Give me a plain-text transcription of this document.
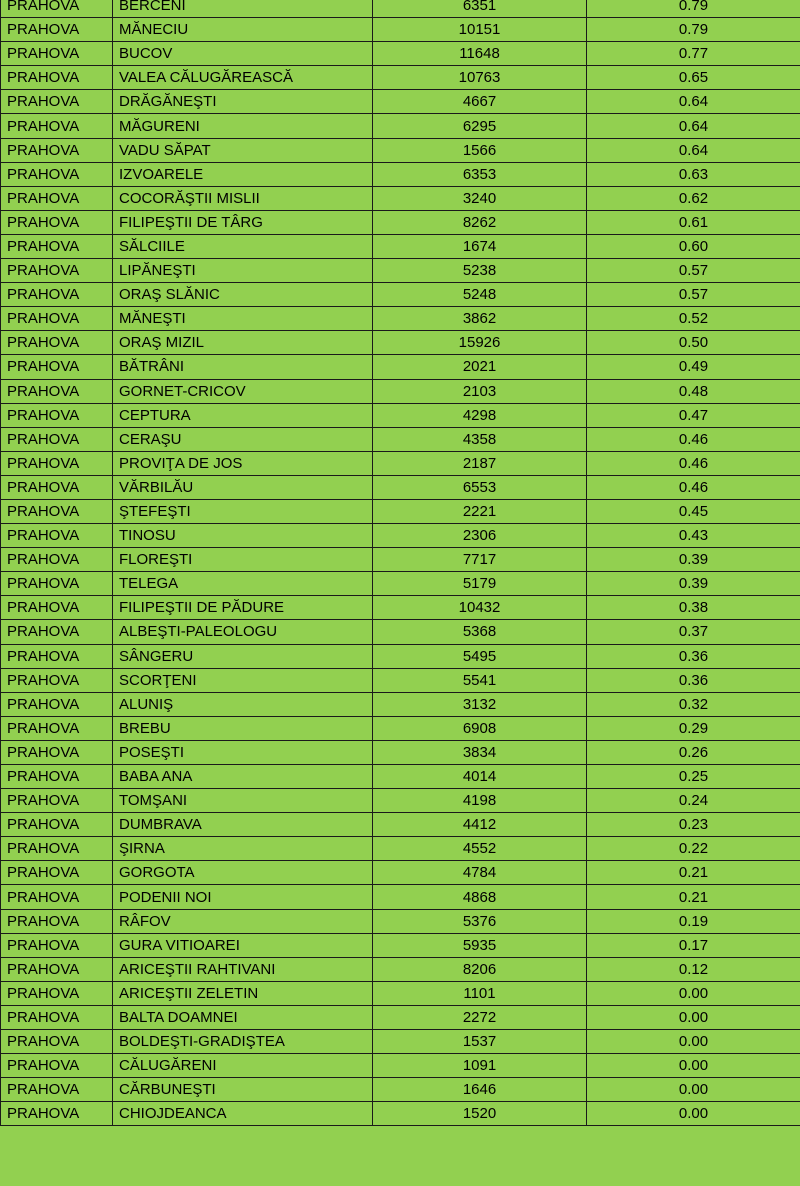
PRAHOVA	BERCENI	6351	0.79
PRAHOVA	MĂNECIU	10151	0.79
PRAHOVA	BUCOV	11648	0.77
PRAHOVA	VALEA CĂLUGĂREASCĂ	10763	0.65
PRAHOVA	DRĂGĂNEŞTI	4667	0.64
PRAHOVA	MĂGURENI	6295	0.64
PRAHOVA	VADU SĂPAT	1566	0.64
PRAHOVA	IZVOARELE	6353	0.63
PRAHOVA	COCORĂŞTII MISLII	3240	0.62
PRAHOVA	FILIPEŞTII DE TÂRG	8262	0.61
PRAHOVA	SĂLCIILE	1674	0.60
PRAHOVA	LIPĂNEŞTI	5238	0.57
PRAHOVA	ORAŞ SLĂNIC	5248	0.57
PRAHOVA	MĂNEŞTI	3862	0.52
PRAHOVA	ORAŞ MIZIL	15926	0.50
PRAHOVA	BĂTRÂNI	2021	0.49
PRAHOVA	GORNET-CRICOV	2103	0.48
PRAHOVA	CEPTURA	4298	0.47
PRAHOVA	CERAŞU	4358	0.46
PRAHOVA	PROVIŢA DE JOS	2187	0.46
PRAHOVA	VĂRBILĂU	6553	0.46
PRAHOVA	ŞTEFEŞTI	2221	0.45
PRAHOVA	TINOSU	2306	0.43
PRAHOVA	FLOREŞTI	7717	0.39
PRAHOVA	TELEGA	5179	0.39
PRAHOVA	FILIPEŞTII DE PĂDURE	10432	0.38
PRAHOVA	ALBEŞTI-PALEOLOGU	5368	0.37
PRAHOVA	SÂNGERU	5495	0.36
PRAHOVA	SCORŢENI	5541	0.36
PRAHOVA	ALUNIŞ	3132	0.32
PRAHOVA	BREBU	6908	0.29
PRAHOVA	POSEŞTI	3834	0.26
PRAHOVA	BABA ANA	4014	0.25
PRAHOVA	TOMŞANI	4198	0.24
PRAHOVA	DUMBRAVA	4412	0.23
PRAHOVA	ŞIRNA	4552	0.22
PRAHOVA	GORGOTA	4784	0.21
PRAHOVA	PODENII NOI	4868	0.21
PRAHOVA	RÂFOV	5376	0.19
PRAHOVA	GURA VITIOAREI	5935	0.17
PRAHOVA	ARICEŞTII RAHTIVANI	8206	0.12
PRAHOVA	ARICEŞTII ZELETIN	1101	0.00
PRAHOVA	BALTA DOAMNEI	2272	0.00
PRAHOVA	BOLDEŞTI-GRADIŞTEA	1537	0.00
PRAHOVA	CĂLUGĂRENI	1091	0.00
PRAHOVA	CĂRBUNEŞTI	1646	0.00
PRAHOVA	CHIOJDEANCA	1520	0.00
